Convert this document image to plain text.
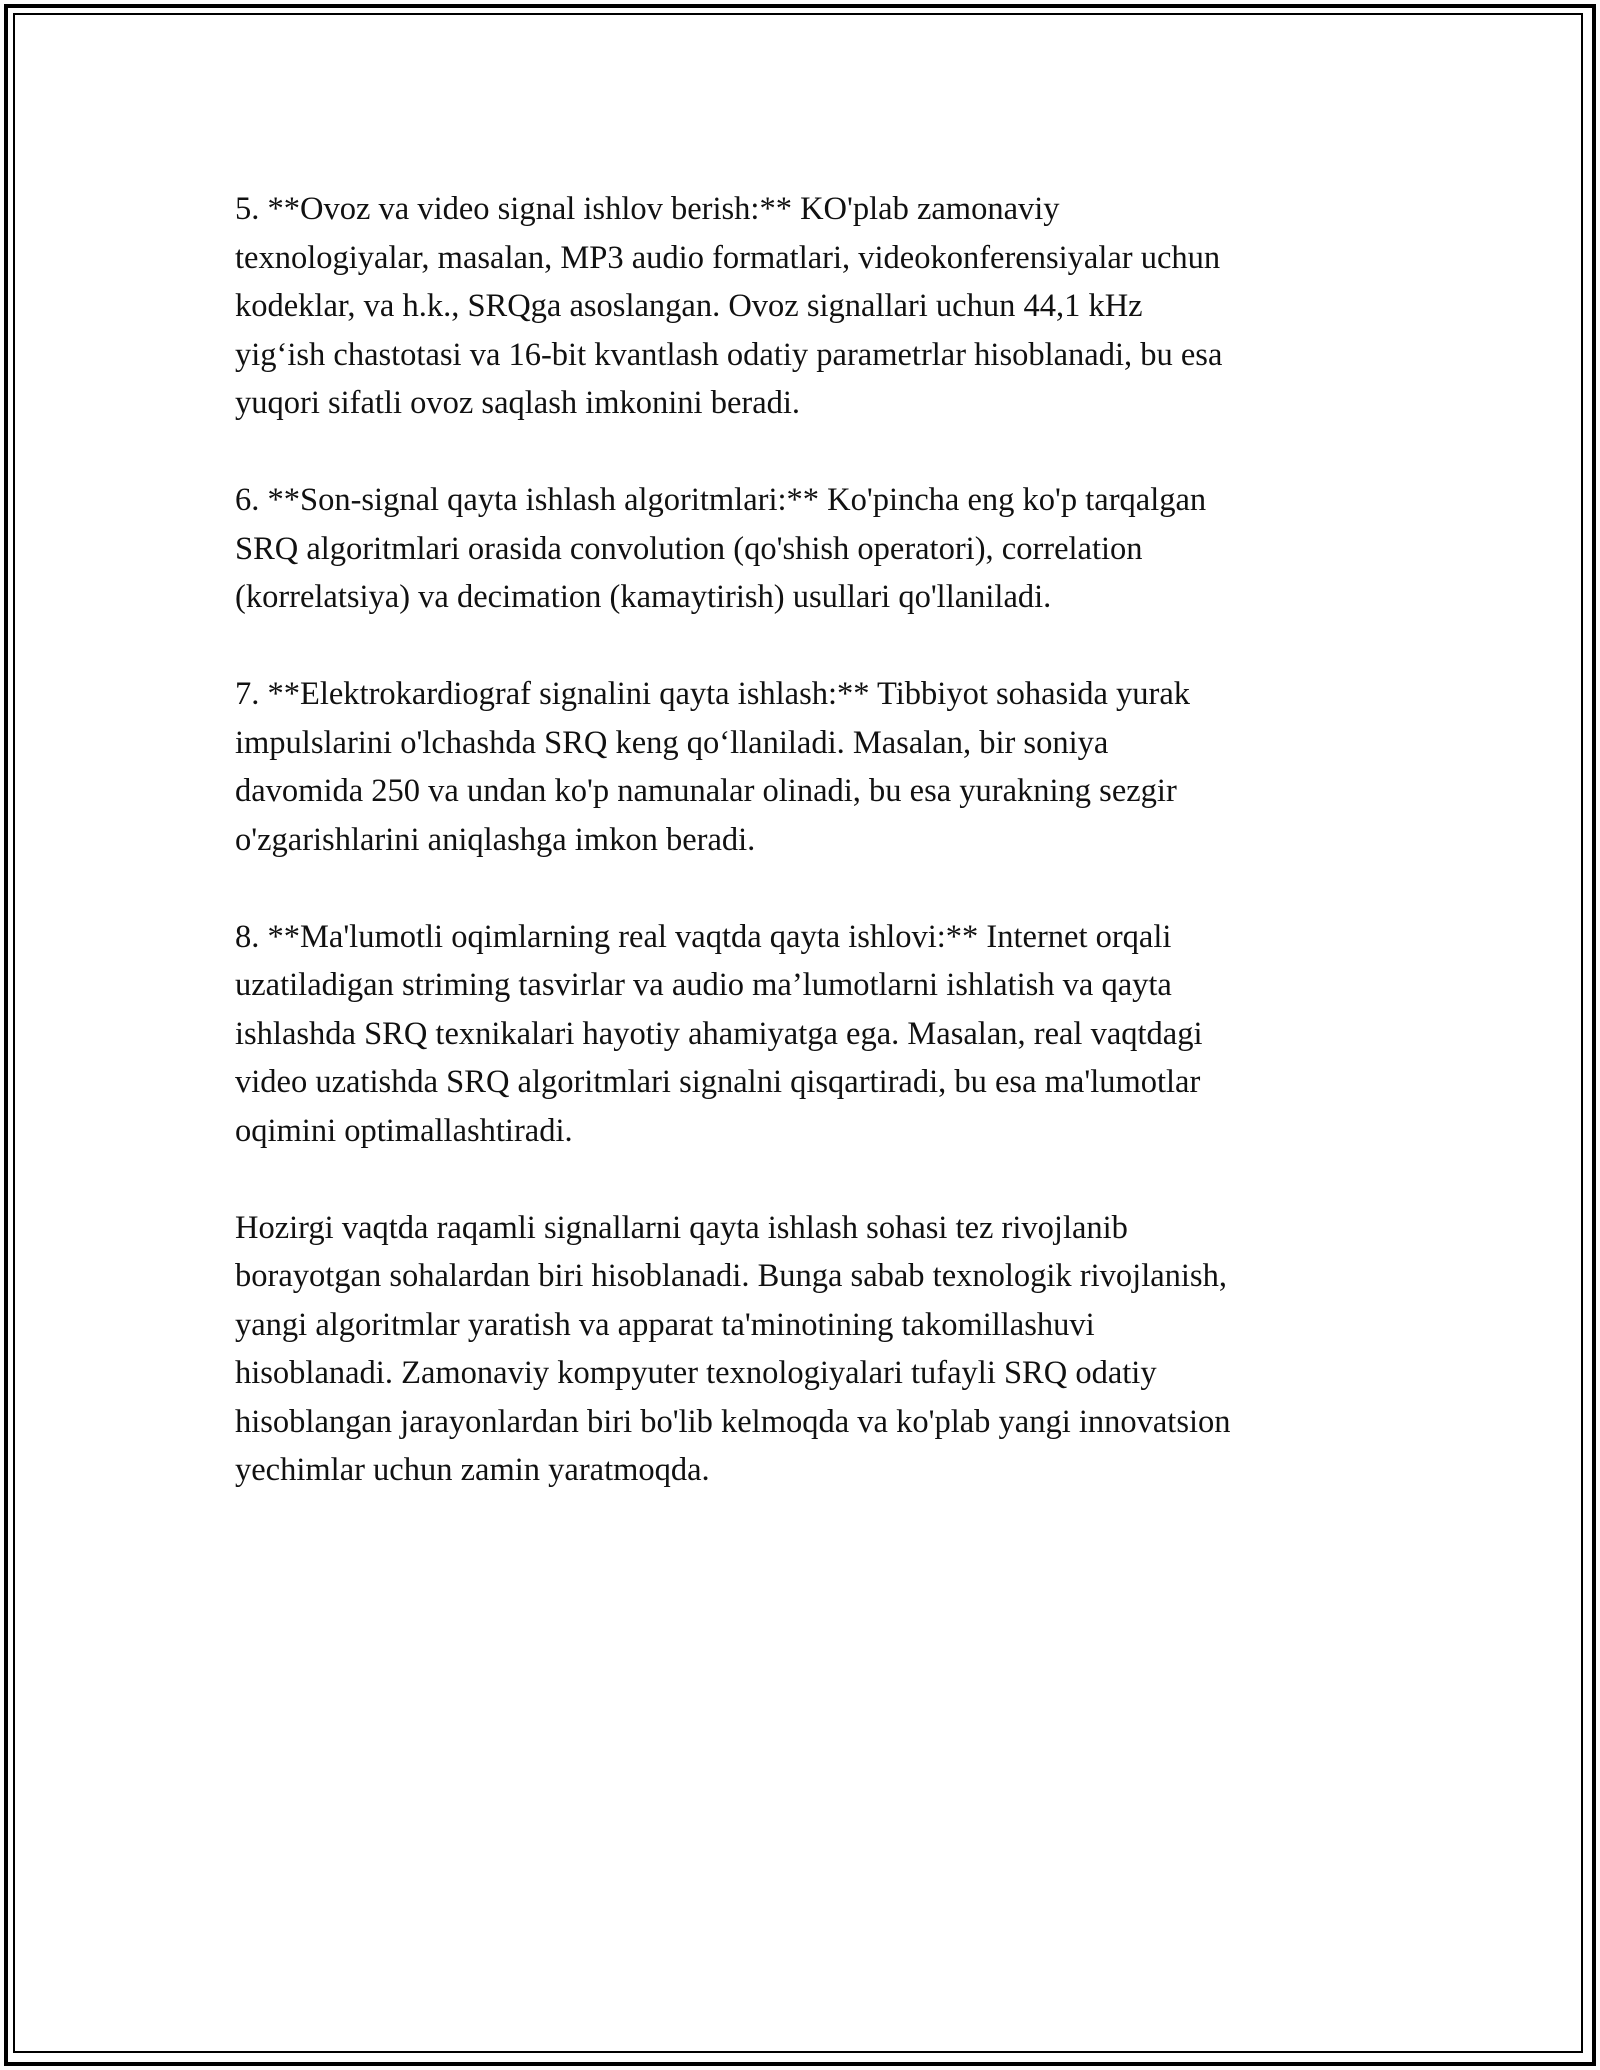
5. **Ovoz va video signal ishlov berish:** KO'plab zamonaviy
texnologiyalar, masalan, MP3 audio formatlari, videokonferensiyalar uchun
kodeklar, va h.k., SRQga asoslangan. Ovoz signallari uchun 44,1 kHz
yig‘ish chastotasi va 16-bit kvantlash odatiy parametrlar hisoblanadi, bu esa
yuqori sifatli ovoz saqlash imkonini beradi.

6. **Son-signal qayta ishlash algoritmlari:** Ko'pincha eng ko'p tarqalgan
SRQ algoritmlari orasida convolution (qo'shish operatori), correlation
(korrelatsiya) va decimation (kamaytirish) usullari qo'llaniladi.

7. **Elektrokardiograf signalini qayta ishlash:** Tibbiyot sohasida yurak
impulslarini o'lchashda SRQ keng qo‘llaniladi. Masalan, bir soniya
davomida 250 va undan ko'p namunalar olinadi, bu esa yurakning sezgir
o'zgarishlarini aniqlashga imkon beradi.

8. **Ma'lumotli oqimlarning real vaqtda qayta ishlovi:** Internet orqali
uzatiladigan striming tasvirlar va audio ma’lumotlarni ishlatish va qayta
ishlashda SRQ texnikalari hayotiy ahamiyatga ega. Masalan, real vaqtdagi
video uzatishda SRQ algoritmlari signalni qisqartiradi, bu esa ma'lumotlar
oqimini optimallashtiradi.

Hozirgi vaqtda raqamli signallarni qayta ishlash sohasi tez rivojlanib
borayotgan sohalardan biri hisoblanadi. Bunga sabab texnologik rivojlanish,
yangi algoritmlar yaratish va apparat ta'minotining takomillashuvi
hisoblanadi. Zamonaviy kompyuter texnologiyalari tufayli SRQ odatiy
hisoblangan jarayonlardan biri bo'lib kelmoqda va ko'plab yangi innovatsion
yechimlar uchun zamin yaratmoqda.
